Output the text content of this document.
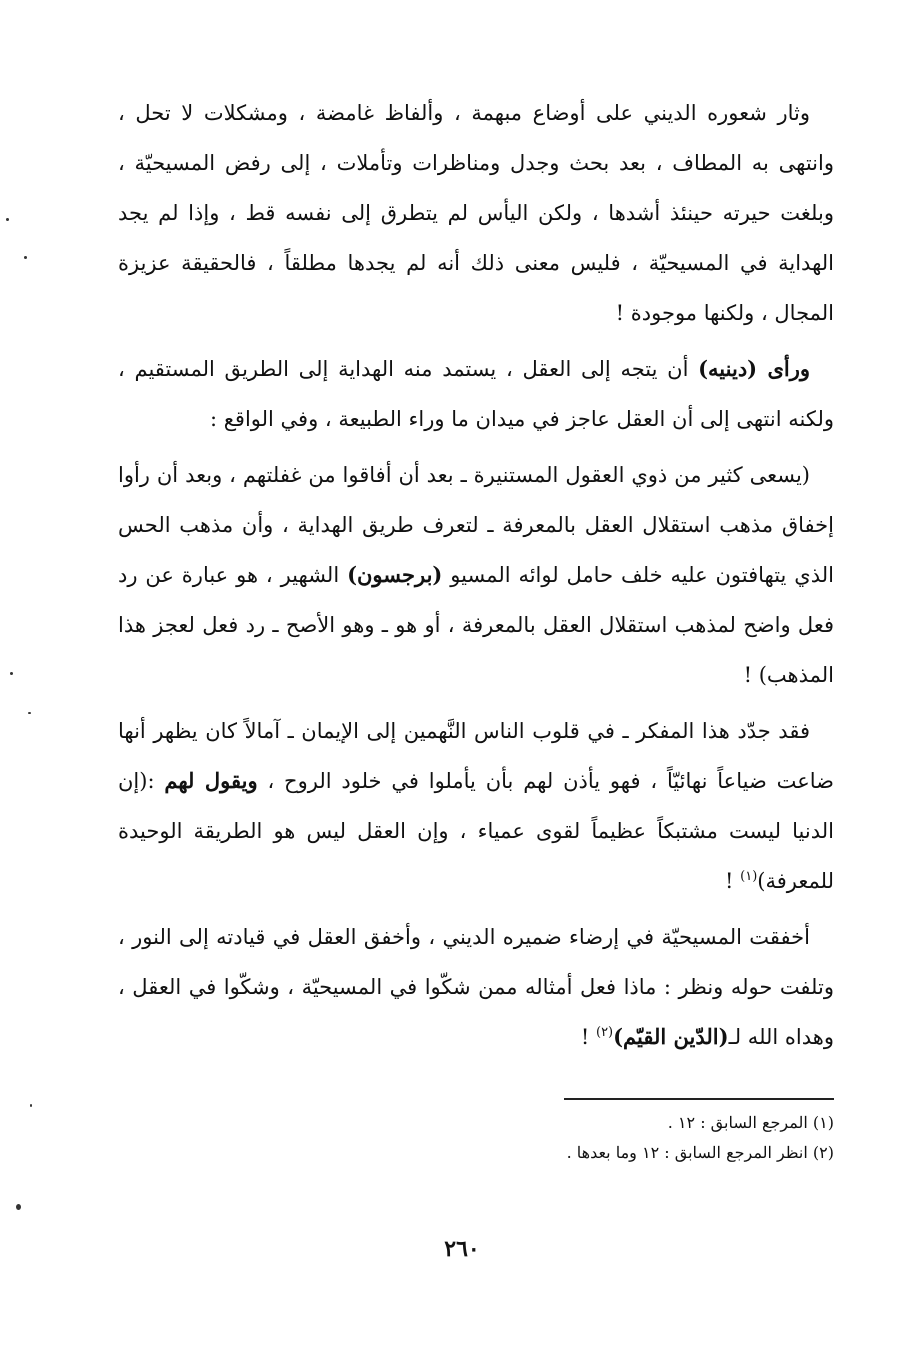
وثار شعوره الديني على أوضاع مبهمة ، وألفاظ غامضة ، ومشكلات لا تحل ، وانتهى به المطاف ، بعد بحث وجدل ومناظرات وتأملات ، إلى رفض المسيحيّة ، وبلغت حيرته حينئذ أشدها ، ولكن اليأس لم يتطرق إلى نفسه قط ، وإذا لم يجد الهداية في المسيحيّة ، فليس معنى ذلك أنه لم يجدها مطلقاً ، فالحقيقة عزيزة المجال ، ولكنها موجودة !

ورأى (دينيه) أن يتجه إلى العقل ، يستمد منه الهداية إلى الطريق المستقيم ، ولكنه انتهى إلى أن العقل عاجز في ميدان ما وراء الطبيعة ، وفي الواقع :

(يسعى كثير من ذوي العقول المستنيرة ـ بعد أن أفاقوا من غفلتهم ، وبعد أن رأوا إخفاق مذهب استقلال العقل بالمعرفة ـ لتعرف طريق الهداية ، وأن مذهب الحس الذي يتهافتون عليه خلف حامل لوائه المسيو (برجسون) الشهير ، هو عبارة عن رد فعل واضح لمذهب استقلال العقل بالمعرفة ، أو هو ـ وهو الأصح ـ رد فعل لعجز هذا المذهب) !

فقد جدّد هذا المفكر ـ في قلوب الناس النَّهمين إلى الإيمان ـ آمالاً كان يظهر أنها ضاعت ضياعاً نهائيّاً ، فهو يأذن لهم بأن يأملوا في خلود الروح ، ويقول لهم :(إن الدنيا ليست مشتبكاً عظيماً لقوى عمياء ، وإن العقل ليس هو الطريقة الوحيدة للمعرفة)$^{(١)}$ !

أخفقت المسيحيّة في إرضاء ضميره الديني ، وأخفق العقل في قيادته إلى النور ، وتلفت حوله ونظر : ماذا فعل أمثاله ممن شكّوا في المسيحيّة ، وشكّوا في العقل ، وهداه الله لـ(الدّين القيّم)$^{(٢)}$ !

(١) المرجع السابق : ١٢ .

(٢) انظر المرجع السابق : ١٢ وما بعدها .

٢٦٠
